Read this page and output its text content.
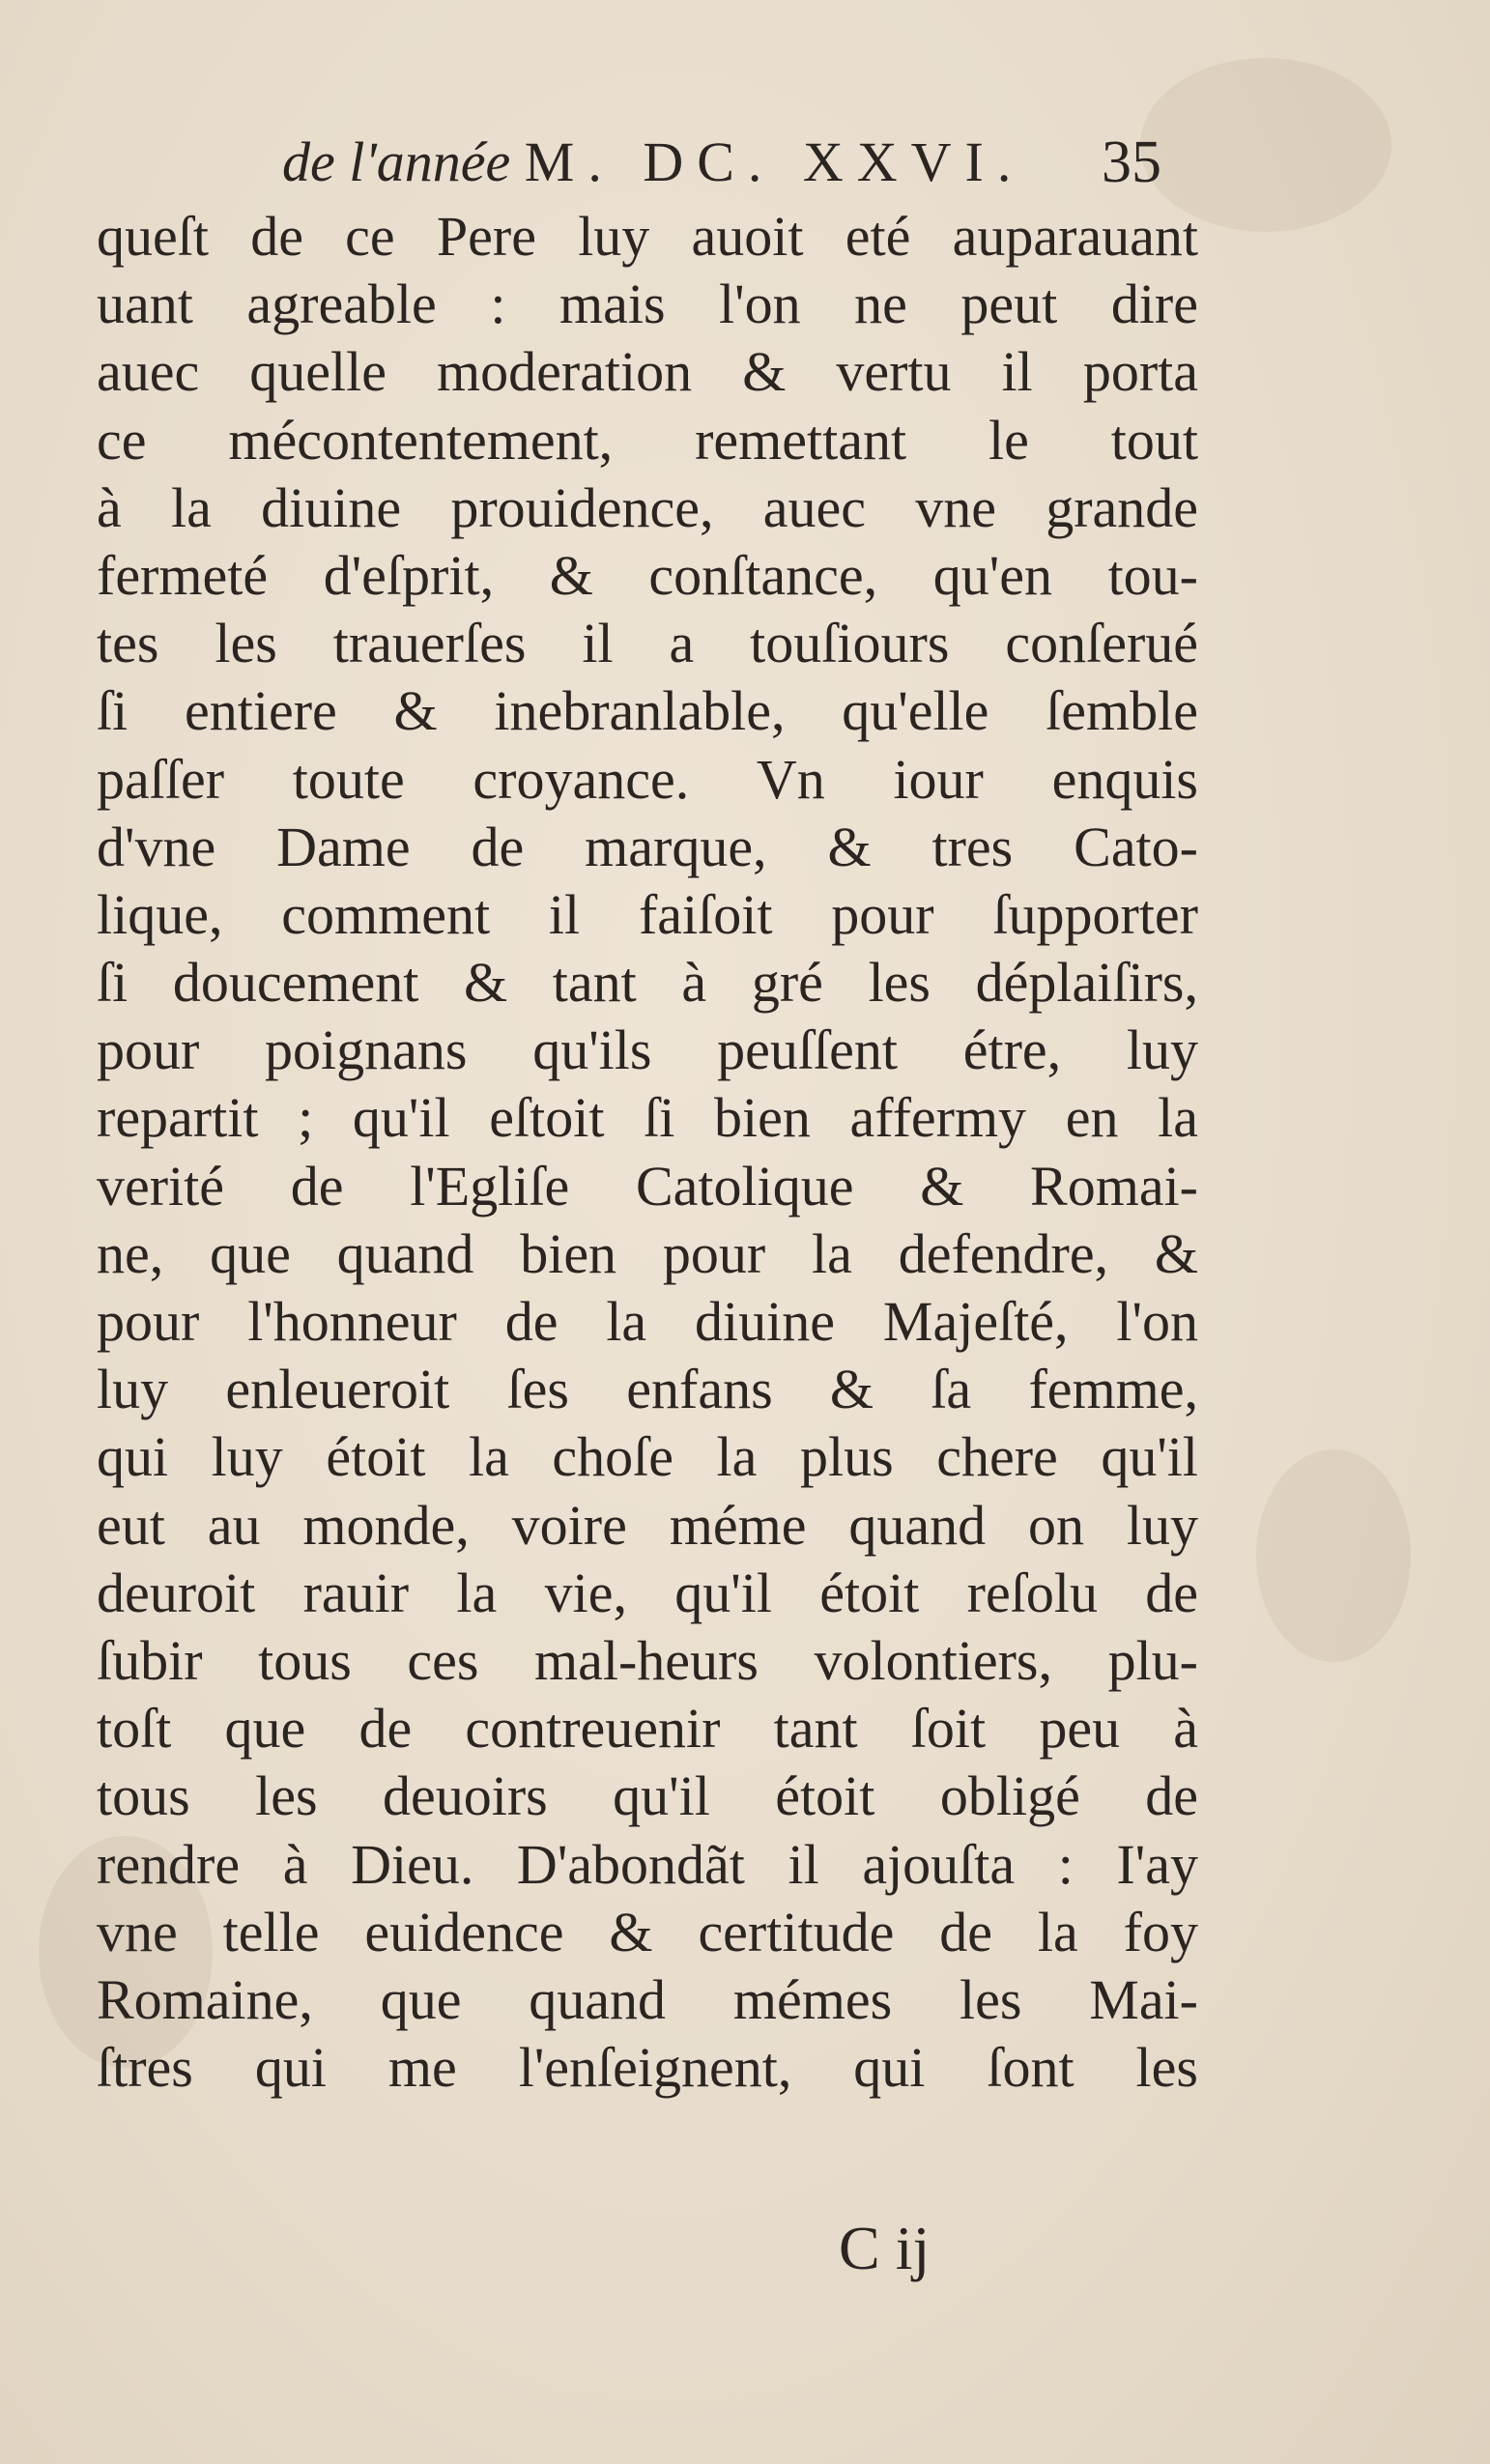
de l'année M. DC. XXVI. 35
queſt de ce Pere luy auoit eté auparauant
uant agreable : mais l'on ne peut dire
auec quelle moderation & vertu il porta
ce mécontentement, remettant le tout
à la diuine prouidence, auec vne grande
fermeté d'eſprit, & conſtance, qu'en tou-
tes les trauerſes il a touſiours conſerué
ſi entiere & inebranlable, qu'elle ſemble
paſſer toute croyance. Vn iour enquis
d'vne Dame de marque, & tres Cato-
lique, comment il faiſoit pour ſupporter
ſi doucement & tant à gré les déplaiſirs,
pour poignans qu'ils peuſſent étre, luy
repartit ; qu'il eſtoit ſi bien affermy en la
verité de l'Egliſe Catolique & Romai-
ne, que quand bien pour la defendre, &
pour l'honneur de la diuine Majeſté, l'on
luy enleueroit ſes enfans & ſa femme,
qui luy étoit la choſe la plus chere qu'il
eut au monde, voire méme quand on luy
deuroit rauir la vie, qu'il étoit reſolu de
ſubir tous ces mal-heurs volontiers, plu-
toſt que de contreuenir tant ſoit peu à
tous les deuoirs qu'il étoit obligé de
rendre à Dieu. D'abondãt il ajouſta : I'ay
vne telle euidence & certitude de la foy
Romaine, que quand mémes les Mai-
ſtres qui me l'enſeignent, qui ſont les
C ij
